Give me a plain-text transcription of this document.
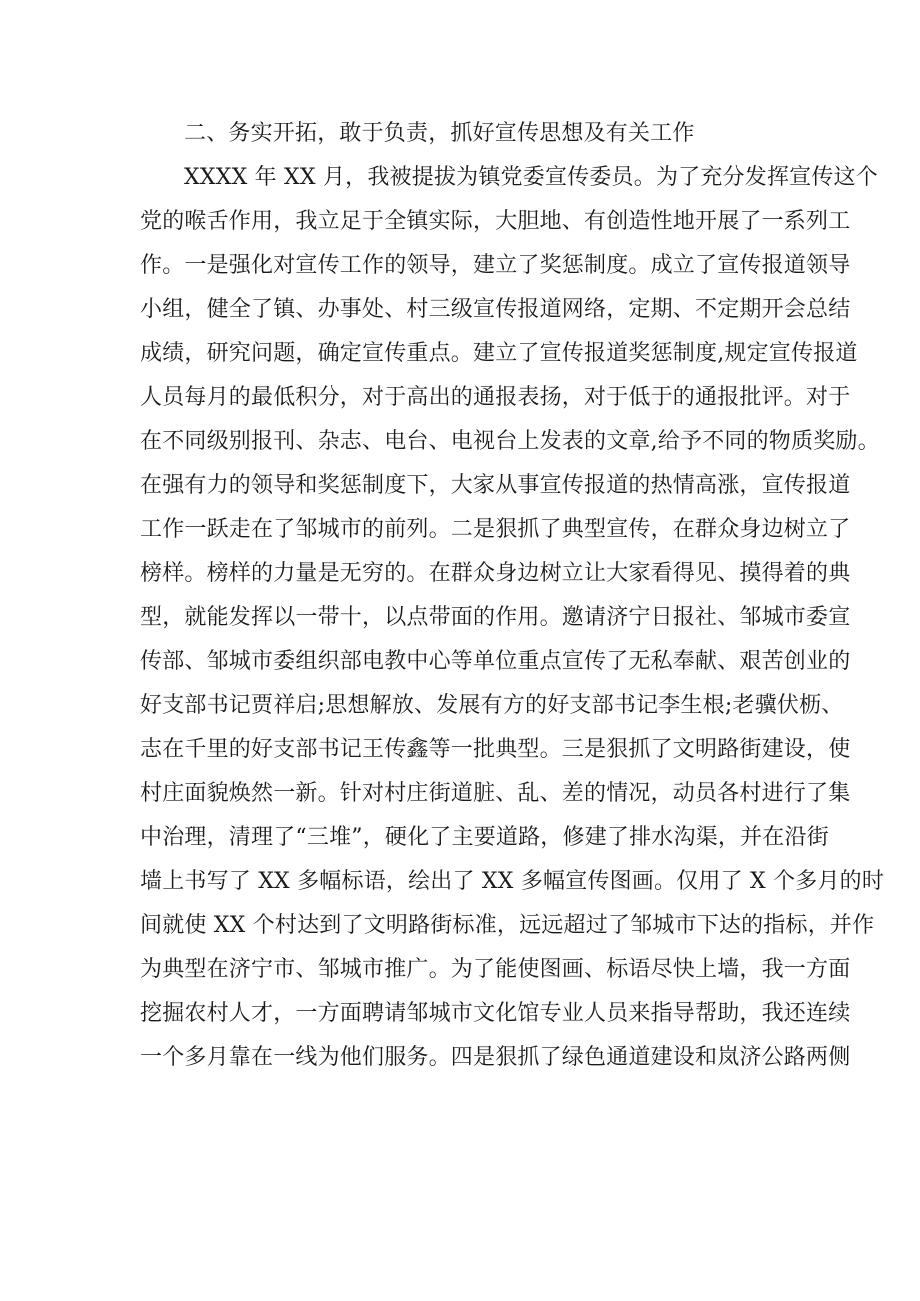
二、务实开拓，敢于负责，抓好宣传思想及有关工作
XXXX 年 XX 月，我被提拔为镇党委宣传委员。为了充分发挥宣传这个
党的喉舌作用，我立足于全镇实际，大胆地、有创造性地开展了一系列工
作。一是强化对宣传工作的领导，建立了奖惩制度。成立了宣传报道领导
小组，健全了镇、办事处、村三级宣传报道网络，定期、不定期开会总结
成绩，研究问题，确定宣传重点。建立了宣传报道奖惩制度,规定宣传报道
人员每月的最低积分，对于高出的通报表扬，对于低于的通报批评。对于
在不同级别报刊、杂志、电台、电视台上发表的文章,给予不同的物质奖励。
在强有力的领导和奖惩制度下，大家从事宣传报道的热情高涨，宣传报道
工作一跃走在了邹城市的前列。二是狠抓了典型宣传，在群众身边树立了
榜样。榜样的力量是无穷的。在群众身边树立让大家看得见、摸得着的典
型，就能发挥以一带十，以点带面的作用。邀请济宁日报社、邹城市委宣
传部、邹城市委组织部电教中心等单位重点宣传了无私奉献、艰苦创业的
好支部书记贾祥启;思想解放、发展有方的好支部书记李生根;老骥伏枥、
志在千里的好支部书记王传鑫等一批典型。三是狠抓了文明路街建设，使
村庄面貌焕然一新。针对村庄街道脏、乱、差的情况，动员各村进行了集
中治理，清理了“三堆”，硬化了主要道路，修建了排水沟渠，并在沿街
墙上书写了 XX 多幅标语，绘出了 XX 多幅宣传图画。仅用了 X 个多月的时
间就使 XX 个村达到了文明路街标准，远远超过了邹城市下达的指标，并作
为典型在济宁市、邹城市推广。为了能使图画、标语尽快上墙，我一方面
挖掘农村人才，一方面聘请邹城市文化馆专业人员来指导帮助，我还连续
一个多月靠在一线为他们服务。四是狠抓了绿色通道建设和岚济公路两侧
